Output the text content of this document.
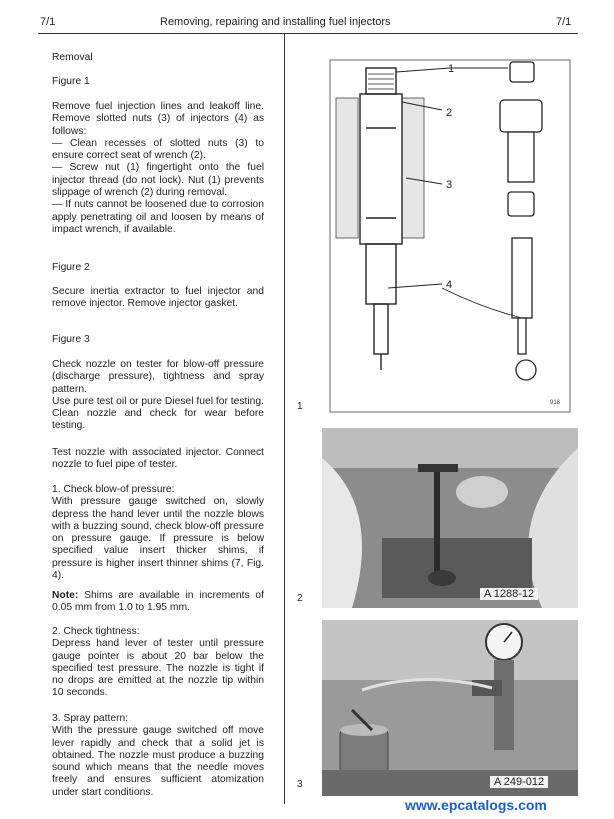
7/1	Removing, repairing and installing fuel injectors	7/1

Removal

Figure 1

Remove fuel injection lines and leakoff line. Remove slotted nuts (3) of injectors (4) as follows:

— Clean recesses of slotted nuts (3) to ensure correct seat of wrench (2).

— Screw nut (1) fingertight onto the fuel injector thread (do not lock). Nut (1) prevents slippage of wrench (2) during removal.

— If nuts cannot be loosened due to corrosion apply penetrating oil and loosen by means of impact wrench, if available.

Figure 2

Secure inertia extractor to fuel injector and remove injector. Remove injector gasket.

Figure 3

Check nozzle on tester for blow-off pressure (discharge pressure), tightness and spray pattern.

Use pure test oil or pure Diesel fuel for testing. Clean nozzle and check for wear before testing.

Test nozzle with associated injector. Connect nozzle to fuel pipe of tester.

1. Check blow-of pressure:

With pressure gauge switched on, slowly depress the hand lever until the nozzle blows with a buzzing sound, check blow-off pressure on pressure gauge. If pressure is below specified value insert thicker shims, if pressure is higher insert thinner shims (7, Fig. 4).

Note: Shims are available in increments of 0.05 mm from 1.0 to 1.95 mm.

2. Check tightness:

Depress hand lever of tester until pressure gauge pointer is about 20 bar below the specified test pressure. The nozzle is tight if no drops are emitted at the nozzle tip within 10 seconds.

3. Spray pattern:

With the pressure gauge switched off move lever rapidly and check that a solid jet is obtained. The nozzle must produce a buzzing sound which means that the needle moves freely and ensures sufficient atomization under start conditions.

1
1
2
3
4
918
2	A 1288-12
3	A 249-012
www.epcatalogs.com
